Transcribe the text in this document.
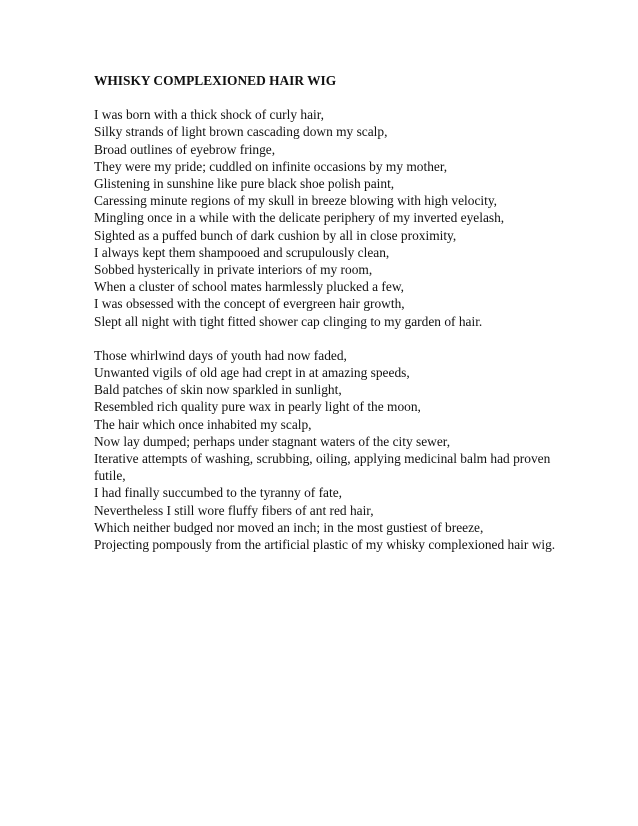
WHISKY COMPLEXIONED HAIR WIG
I was born with a thick shock of curly hair,
Silky strands of light brown cascading down my scalp,
Broad outlines of eyebrow fringe,
They were my pride; cuddled on infinite occasions by my mother,
Glistening in sunshine like pure black shoe polish paint,
Caressing minute regions of my skull in breeze blowing with high velocity,
Mingling once in a while with the delicate periphery of my inverted eyelash,
Sighted as a puffed bunch of dark cushion by all in close proximity,
I always kept them shampooed and scrupulously clean,
Sobbed hysterically in private interiors of my room,
When a cluster of school mates harmlessly plucked a few,
I was obsessed with the concept of evergreen hair growth,
Slept all night with tight fitted shower cap clinging to my garden of hair.
Those whirlwind days of youth had now faded,
Unwanted vigils of old age had crept in at amazing speeds,
Bald patches of skin now sparkled in sunlight,
Resembled rich quality pure wax in pearly light of the moon,
The hair which once inhabited my scalp,
Now lay dumped; perhaps under stagnant waters of the city sewer,
Iterative attempts of washing, scrubbing, oiling, applying medicinal balm had proven futile,
I had finally succumbed to the tyranny of fate,
Nevertheless I still wore fluffy fibers of ant red hair,
Which neither budged nor moved an inch; in the most gustiest of breeze,
Projecting pompously from the artificial plastic of my whisky complexioned hair wig.
